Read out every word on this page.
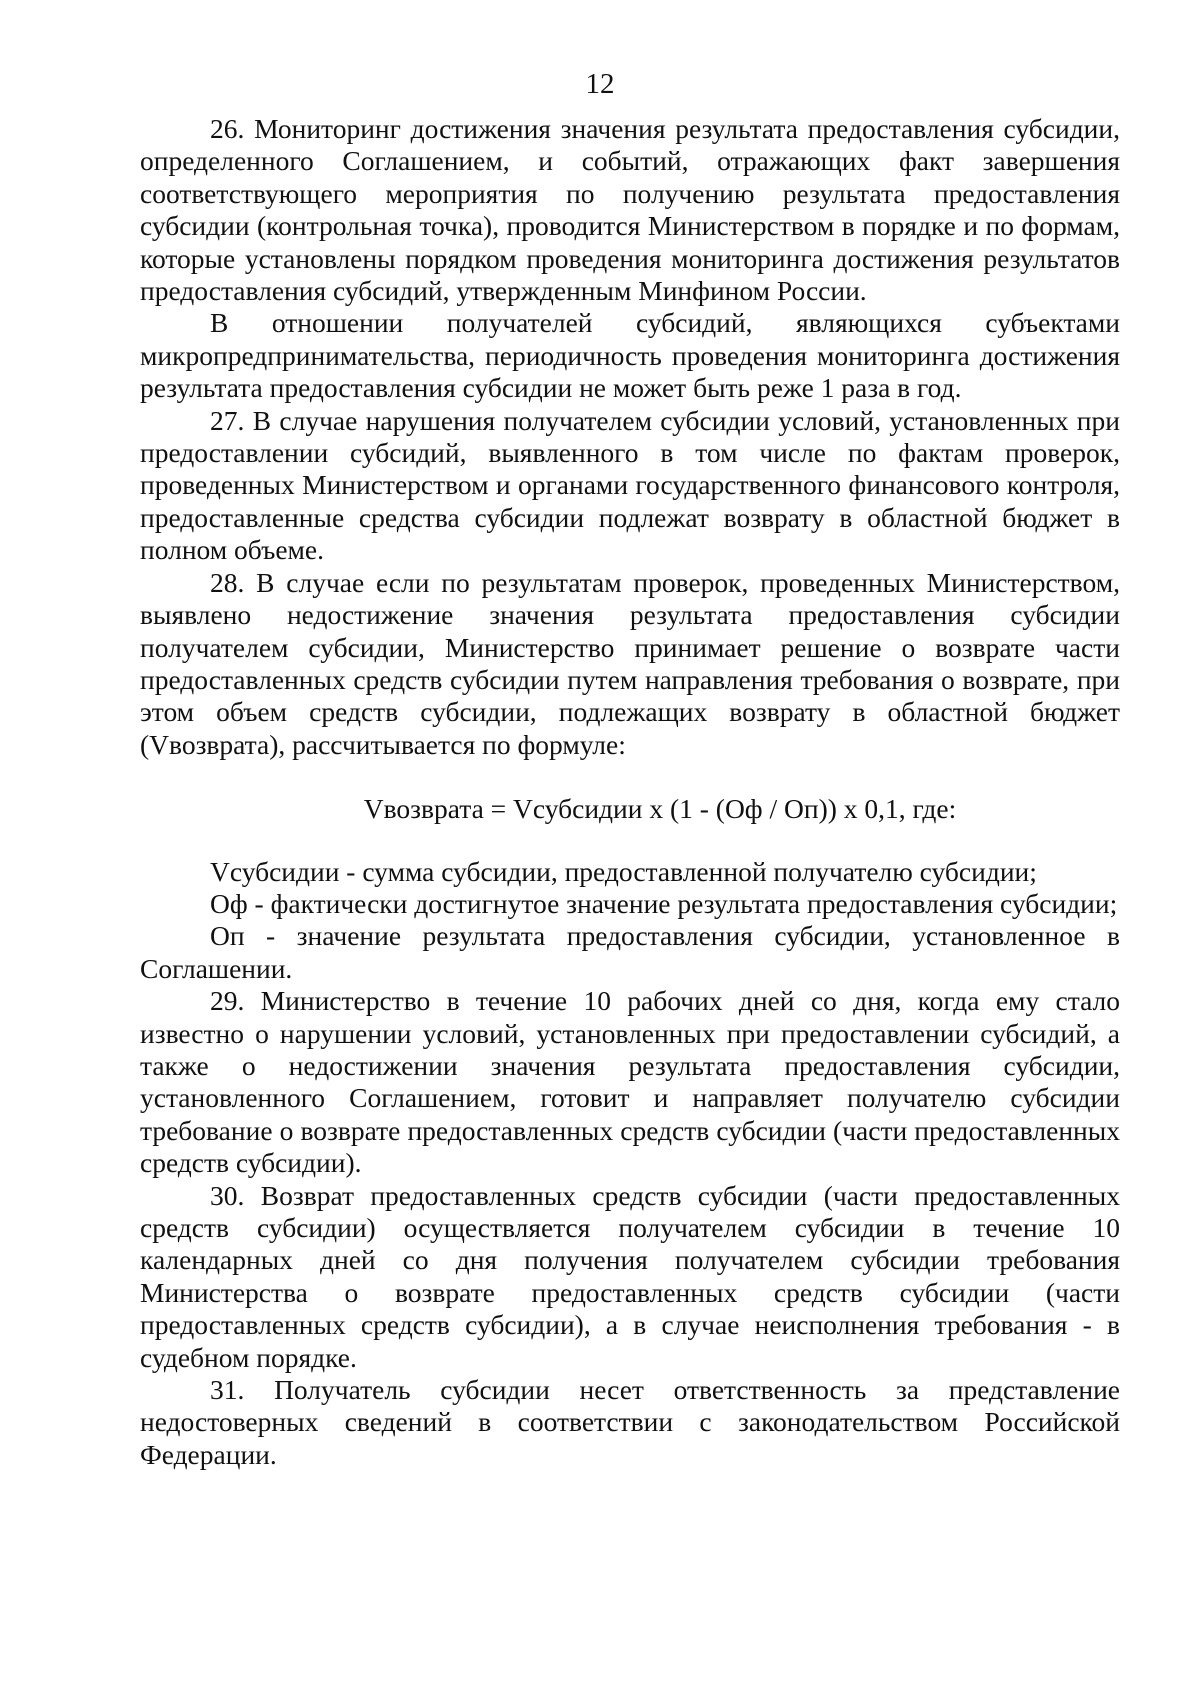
12

26. Мониторинг достижения значения результата предоставления субсидии, определенного Соглашением, и событий, отражающих факт завершения соответствующего мероприятия по получению результата предоставления субсидии (контрольная точка), проводится Министерством в порядке и по формам, которые установлены порядком проведения мониторинга достижения результатов предоставления субсидий, утвержденным Минфином России.

В отношении получателей субсидий, являющихся субъектами микропредпринимательства, периодичность проведения мониторинга достижения результата предоставления субсидии не может быть реже 1 раза в год.

27. В случае нарушения получателем субсидии условий, установленных при предоставлении субсидий, выявленного в том числе по фактам проверок, проведенных Министерством и органами государственного финансового контроля, предоставленные средства субсидии подлежат возврату в областной бюджет в полном объеме.

28. В случае если по результатам проверок, проведенных Министерством, выявлено недостижение значения результата предоставления субсидии получателем субсидии, Министерство принимает решение о возврате части предоставленных средств субсидии путем направления требования о возврате, при этом объем средств субсидии, подлежащих возврату в областной бюджет (Vвозврата), рассчитывается по формуле:

Vвозврата = Vсубсидии x (1 - (Оф / Оп)) x 0,1, где:

Vсубсидии - сумма субсидии, предоставленной получателю субсидии;

Оф - фактически достигнутое значение результата предоставления субсидии;

Оп - значение результата предоставления субсидии, установленное в Соглашении.

29. Министерство в течение 10 рабочих дней со дня, когда ему стало известно о нарушении условий, установленных при предоставлении субсидий, а также о недостижении значения результата предоставления субсидии, установленного Соглашением, готовит и направляет получателю субсидии требование о возврате предоставленных средств субсидии (части предоставленных средств субсидии).

30. Возврат предоставленных средств субсидии (части предоставленных средств субсидии) осуществляется получателем субсидии в течение 10 календарных дней со дня получения получателем субсидии требования Министерства о возврате предоставленных средств субсидии (части предоставленных средств субсидии), а в случае неисполнения требования - в судебном порядке.

31. Получатель субсидии несет ответственность за представление недостоверных сведений в соответствии с законодательством Российской Федерации.
